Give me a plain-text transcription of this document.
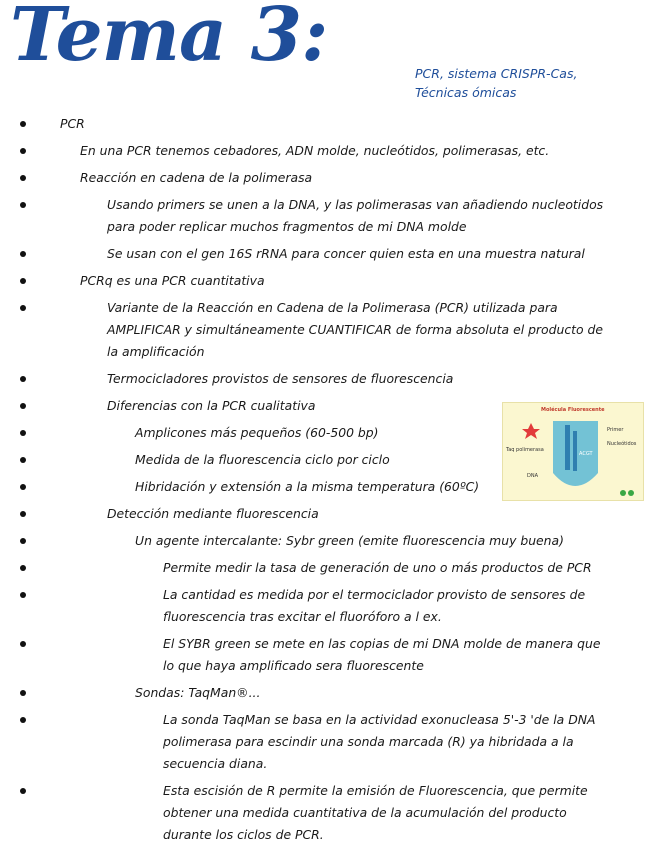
Tema 3:	PCR, sistema CRISPR-Cas,
Técnicas ómicas
PCR
En una PCR tenemos cebadores, ADN molde, nucleótidos, polimerasas, etc.
Reacción en cadena de la polimerasa
Usando primers se unen a la DNA, y las polimerasas van añadiendo nucleotidos para poder replicar muchos fragmentos de mi DNA molde
Se usan con el gen 16S rRNA para concer quien esta en una muestra natural
PCRq es una PCR cuantitativa
Variante de la Reacción en Cadena de la Polimerasa (PCR) utilizada para AMPLIFICAR y simultáneamente CUANTIFICAR de forma absoluta el producto de la amplificación
Termocicladores provistos de sensores de fluorescencia
Diferencias con la PCR cualitativa
Amplicones más pequeños (60-500 bp)
Medida de la fluorescencia ciclo por ciclo
Hibridación y extensión a la misma temperatura (60ºC)
Detección mediante fluorescencia
Un agente intercalante: Sybr green (emite fluorescencia muy buena)
Permite medir la tasa de generación de uno o más productos de PCR
La cantidad es medida por el termociclador provisto de sensores de fluorescencia tras excitar el fluorófоro a l ex.
El SYBR green se mete en las copias de mi DNA molde de manera que lo que haya amplificado sera fluorescente
Sondas: TaqMan®...
La sonda TaqMan se basa en la actividad exonucleasa 5'-3 'de la DNA polimerasa para escindir una sonda marcada (R) ya hibridada a la secuencia diana.
Esta escisión de R permite la emisión de Fluorescencia, que permite obtener una medida cuantitativa de la acumulación del producto durante los ciclos de PCR.
Molécula Fluorescente
Primer
Nucleótidos
Taq polimerasa
DNA
ACGT
